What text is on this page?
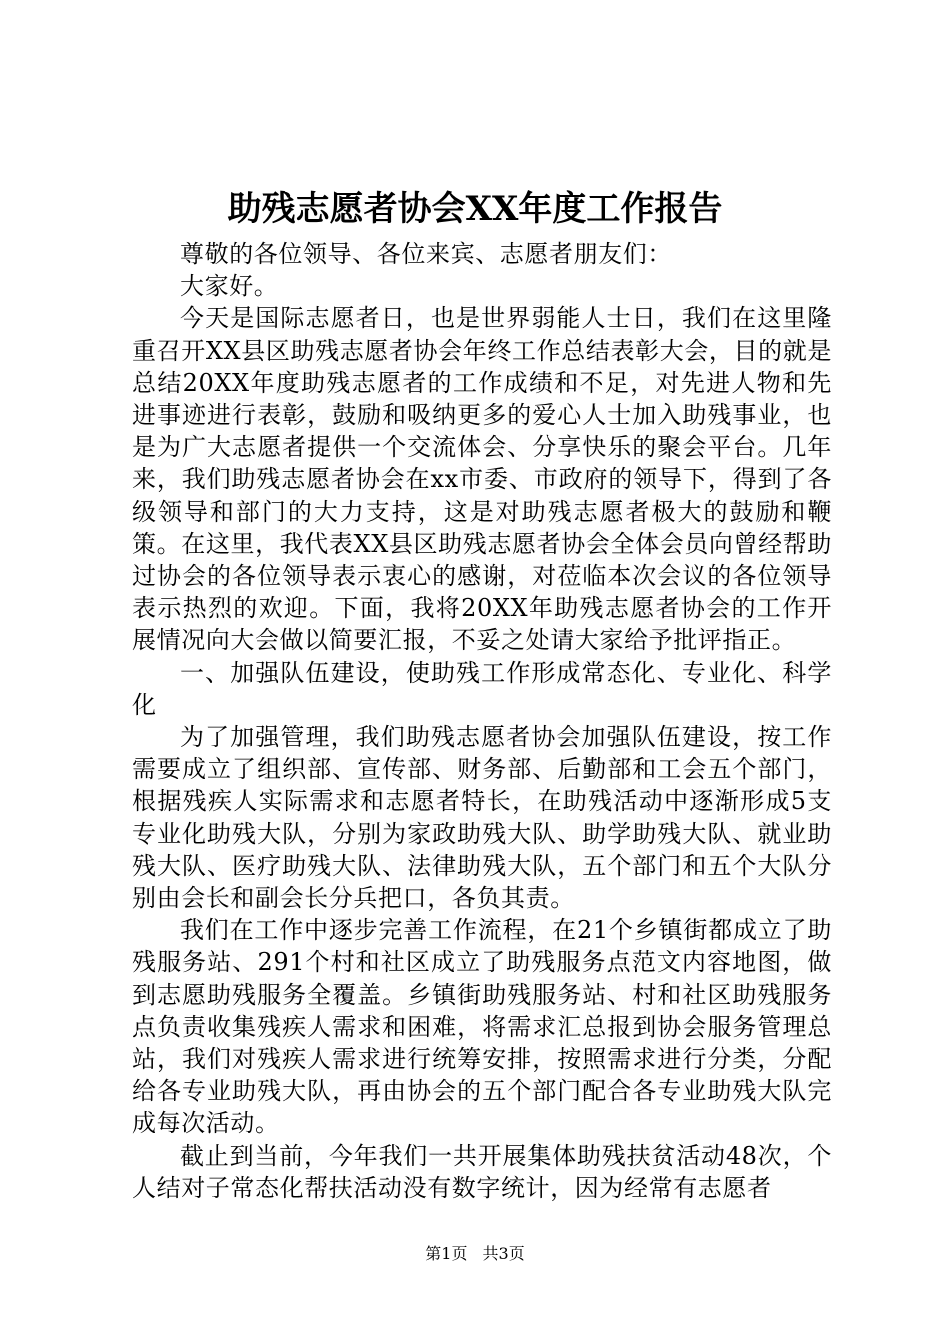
助残志愿者协会XX年度工作报告

尊敬的各位领导、各位来宾、志愿者朋友们：

大家好。

今天是国际志愿者日，也是世界弱能人士日，我们在这里隆重召开XX县区助残志愿者协会年终工作总结表彰大会，目的就是总结20XX年度助残志愿者的工作成绩和不足，对先进人物和先进事迹进行表彰，鼓励和吸纳更多的爱心人士加入助残事业，也是为广大志愿者提供一个交流体会、分享快乐的聚会平台。几年来，我们助残志愿者协会在xx市委、市政府的领导下，得到了各级领导和部门的大力支持，这是对助残志愿者极大的鼓励和鞭策。在这里，我代表XX县区助残志愿者协会全体会员向曾经帮助过协会的各位领导表示衷心的感谢，对莅临本次会议的各位领导表示热烈的欢迎。下面，我将20XX年助残志愿者协会的工作开展情况向大会做以简要汇报，不妥之处请大家给予批评指正。

一、加强队伍建设，使助残工作形成常态化、专业化、科学化

为了加强管理，我们助残志愿者协会加强队伍建设，按工作需要成立了组织部、宣传部、财务部、后勤部和工会五个部门，根据残疾人实际需求和志愿者特长，在助残活动中逐渐形成5支专业化助残大队，分别为家政助残大队、助学助残大队、就业助残大队、医疗助残大队、法律助残大队，五个部门和五个大队分别由会长和副会长分兵把口，各负其责。

我们在工作中逐步完善工作流程，在21个乡镇街都成立了助残服务站、291个村和社区成立了助残服务点范文内容地图，做到志愿助残服务全覆盖。乡镇街助残服务站、村和社区助残服务点负责收集残疾人需求和困难，将需求汇总报到协会服务管理总站，我们对残疾人需求进行统筹安排，按照需求进行分类，分配给各专业助残大队，再由协会的五个部门配合各专业助残大队完成每次活动。

截止到当前，今年我们一共开展集体助残扶贫活动48次，个人结对子常态化帮扶活动没有数字统计，因为经常有志愿者

第1页 共3页
